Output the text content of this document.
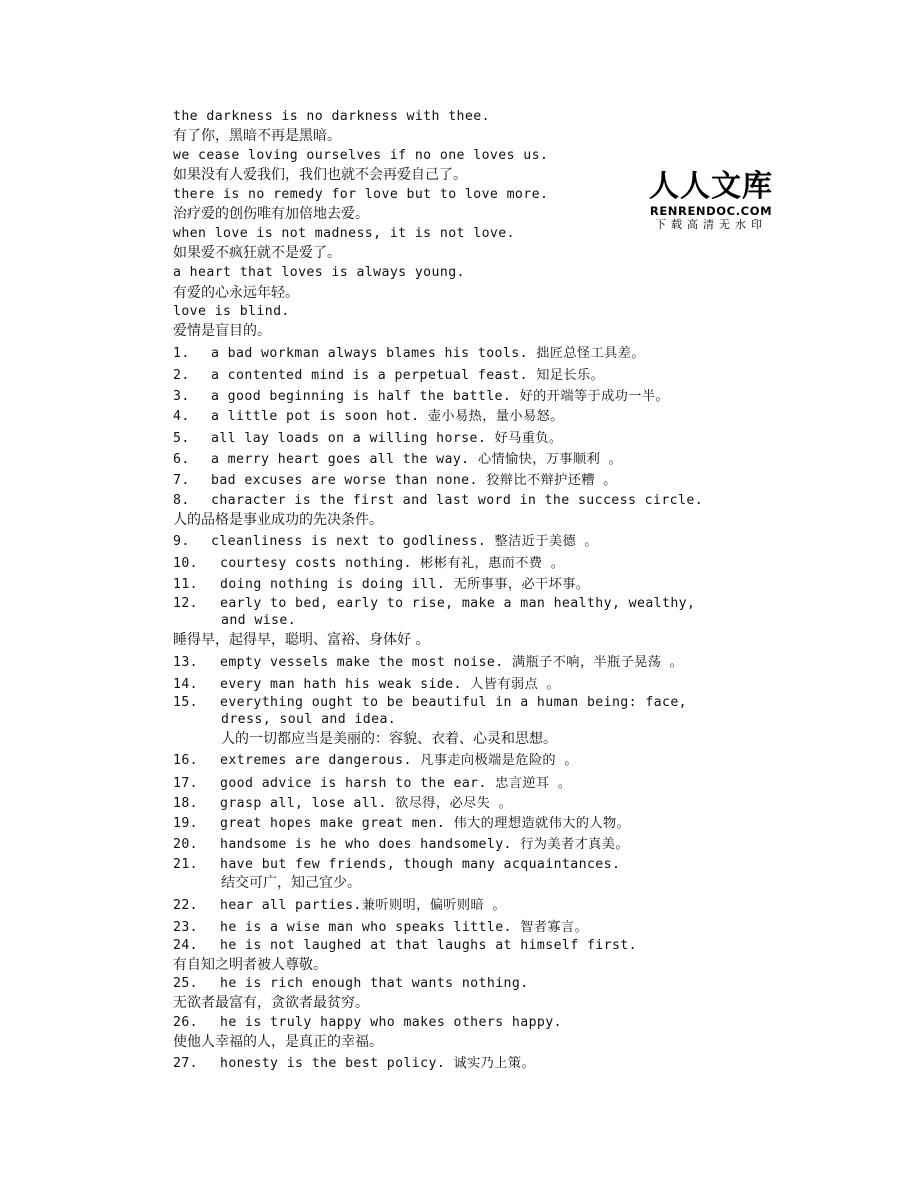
人人文库
RENRENDOC.COM
下载高清无水印
the darkness is no darkness with thee.
有了你，黑暗不再是黑暗。
we cease loving ourselves if no one loves us.
如果没有人爱我们，我们也就不会再爱自己了。
there is no remedy for love but to love more.
治疗爱的创伤唯有加倍地去爱。
when love is not madness, it is not love.
如果爱不疯狂就不是爱了。
a heart that loves is always young.
有爱的心永远年轻。
love is blind.
爱情是盲目的。
1. a bad workman always blames his tools. 拙匠总怪工具差。
2. a contented mind is a perpetual feast. 知足长乐。
3. a good beginning is half the battle. 好的开端等于成功一半。
4. a little pot is soon hot. 壶小易热，量小易怒。
5. all lay loads on a willing horse. 好马重负。
6. a merry heart goes all the way. 心情愉快，万事顺利 。
7. bad excuses are worse than none. 狡辩比不辩护还糟 。
8. character is the first and last word in the success circle.
人的品格是事业成功的先决条件。
9. cleanliness is next to godliness. 整洁近于美德 。
10. courtesy costs nothing. 彬彬有礼，惠而不费 。
11. doing nothing is doing ill. 无所事事，必干坏事。
12. early to bed, early to rise, make a man healthy, wealthy,
and wise.
睡得早，起得早，聪明、富裕、身体好 。
13. empty vessels make the most noise. 满瓶子不响，半瓶子晃荡 。
14. every man hath his weak side. 人皆有弱点 。
15. everything ought to be beautiful in a human being: face,
dress, soul and idea.
人的一切都应当是美丽的：容貌、衣着、心灵和思想。
16. extremes are dangerous. 凡事走向极端是危险的 。
17. good advice is harsh to the ear. 忠言逆耳 。
18. grasp all, lose all. 欲尽得，必尽失 。
19. great hopes make great men. 伟大的理想造就伟大的人物。
20. handsome is he who does handsomely. 行为美者才真美。
21. have but few friends, though many acquaintances.
结交可广，知己宜少。
22. hear all parties.兼听则明，偏听则暗 。
23. he is a wise man who speaks little. 智者寡言。
24. he is not laughed at that laughs at himself first.
有自知之明者被人尊敬。
25. he is rich enough that wants nothing.
无欲者最富有，贪欲者最贫穷。
26. he is truly happy who makes others happy.
使他人幸福的人，是真正的幸福。
27. honesty is the best policy. 诚实乃上策。
